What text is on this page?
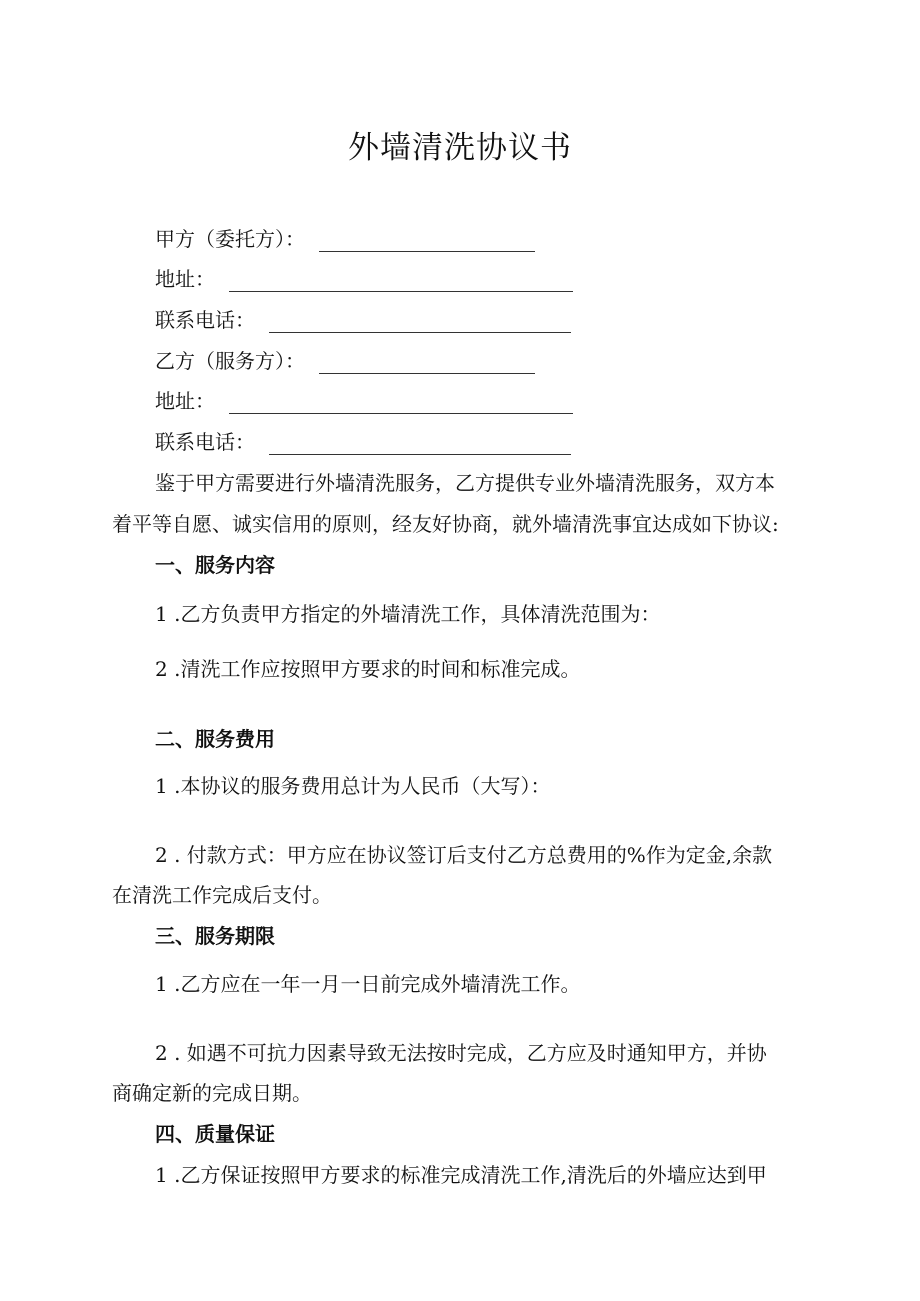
外墙清洗协议书
甲方（委托方）：
地址：
联系电话：
乙方（服务方）：
地址：
联系电话：
鉴于甲方需要进行外墙清洗服务，乙方提供专业外墙清洗服务，双方本
着平等自愿、诚实信用的原则，经友好协商，就外墙清洗事宜达成如下协议:
一、服务内容
1 .乙方负责甲方指定的外墙清洗工作，具体清洗范围为：
2 .清洗工作应按照甲方要求的时间和标准完成。
二、服务费用
1 .本协议的服务费用总计为人民币（大写）：
2 . 付款方式：甲方应在协议签订后支付乙方总费用的%作为定金,余款
在清洗工作完成后支付。
三、服务期限
1 .乙方应在一年一月一日前完成外墙清洗工作。
2 . 如遇不可抗力因素导致无法按时完成，乙方应及时通知甲方，并协
商确定新的完成日期。
四、质量保证
1 .乙方保证按照甲方要求的标准完成清洗工作,清洗后的外墙应达到甲
